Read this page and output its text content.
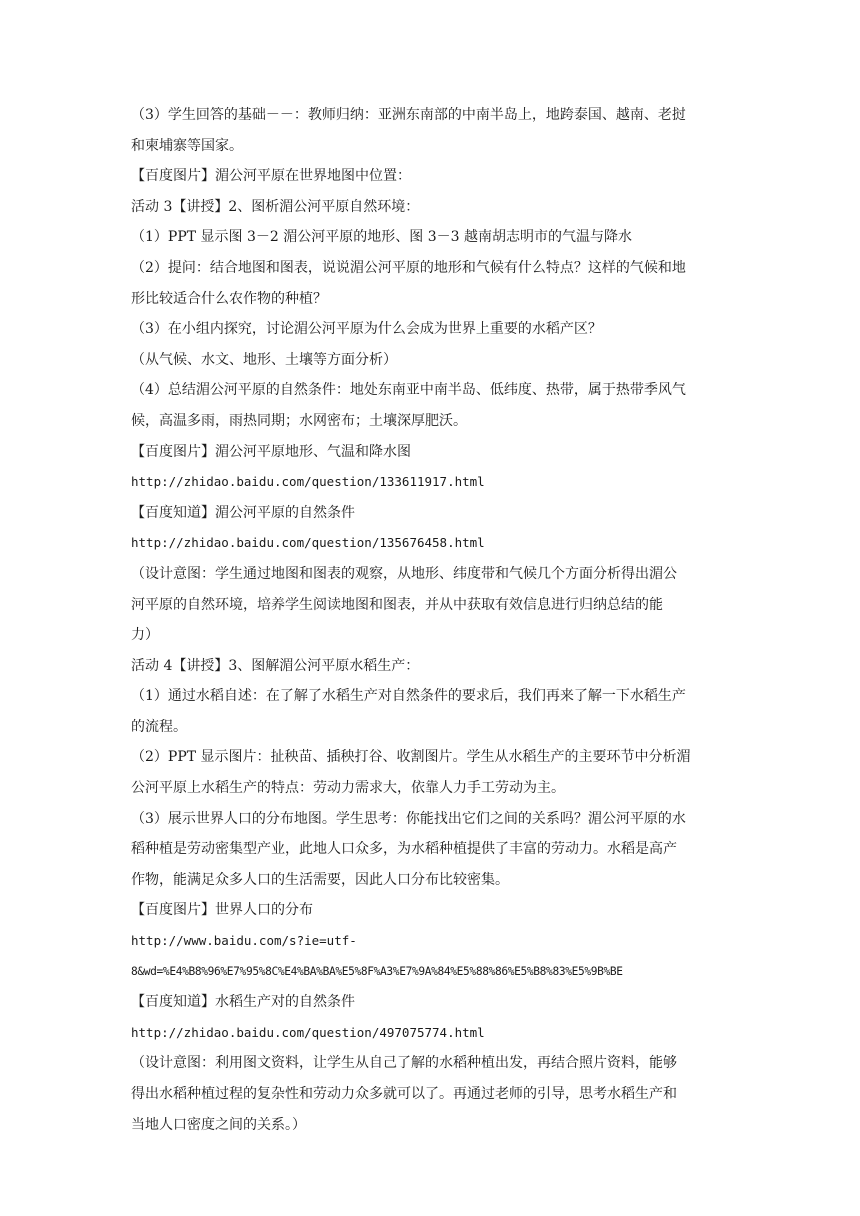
（3）学生回答的基础－－：教师归纳：亚洲东南部的中南半岛上，地跨泰国、越南、老挝
和柬埔寨等国家。
【百度图片】湄公河平原在世界地图中位置：
活动 3【讲授】2、图析湄公河平原自然环境：
（1）PPT 显示图 3－2 湄公河平原的地形、图 3－3 越南胡志明市的气温与降水
（2）提问：结合地图和图表，说说湄公河平原的地形和气候有什么特点？这样的气候和地
形比较适合什么农作物的种植？
（3）在小组内探究，讨论湄公河平原为什么会成为世界上重要的水稻产区？
（从气候、水文、地形、土壤等方面分析）
（4）总结湄公河平原的自然条件：地处东南亚中南半岛、低纬度、热带，属于热带季风气
候，高温多雨，雨热同期；水网密布；土壤深厚肥沃。
【百度图片】湄公河平原地形、气温和降水图
http://zhidao.baidu.com/question/133611917.html
【百度知道】湄公河平原的自然条件
http://zhidao.baidu.com/question/135676458.html
（设计意图：学生通过地图和图表的观察，从地形、纬度带和气候几个方面分析得出湄公
河平原的自然环境，培养学生阅读地图和图表，并从中获取有效信息进行归纳总结的能
力）
活动 4【讲授】3、图解湄公河平原水稻生产：
（1）通过水稻自述：在了解了水稻生产对自然条件的要求后，我们再来了解一下水稻生产
的流程。
（2）PPT 显示图片：扯秧苗、插秧打谷、收割图片。学生从水稻生产的主要环节中分析湄
公河平原上水稻生产的特点：劳动力需求大，依靠人力手工劳动为主。
（3）展示世界人口的分布地图。学生思考：你能找出它们之间的关系吗？湄公河平原的水
稻种植是劳动密集型产业，此地人口众多，为水稻种植提供了丰富的劳动力。水稻是高产
作物，能满足众多人口的生活需要，因此人口分布比较密集。
【百度图片】世界人口的分布
http://www.baidu.com/s?ie=utf-
8&wd=%E4%B8%96%E7%95%8C%E4%BA%BA%E5%8F%A3%E7%9A%84%E5%88%86%E5%B8%83%E5%9B%BE
【百度知道】水稻生产对的自然条件
http://zhidao.baidu.com/question/497075774.html
（设计意图：利用图文资料，让学生从自己了解的水稻种植出发，再结合照片资料，能够
得出水稻种植过程的复杂性和劳动力众多就可以了。再通过老师的引导，思考水稻生产和
当地人口密度之间的关系。）
